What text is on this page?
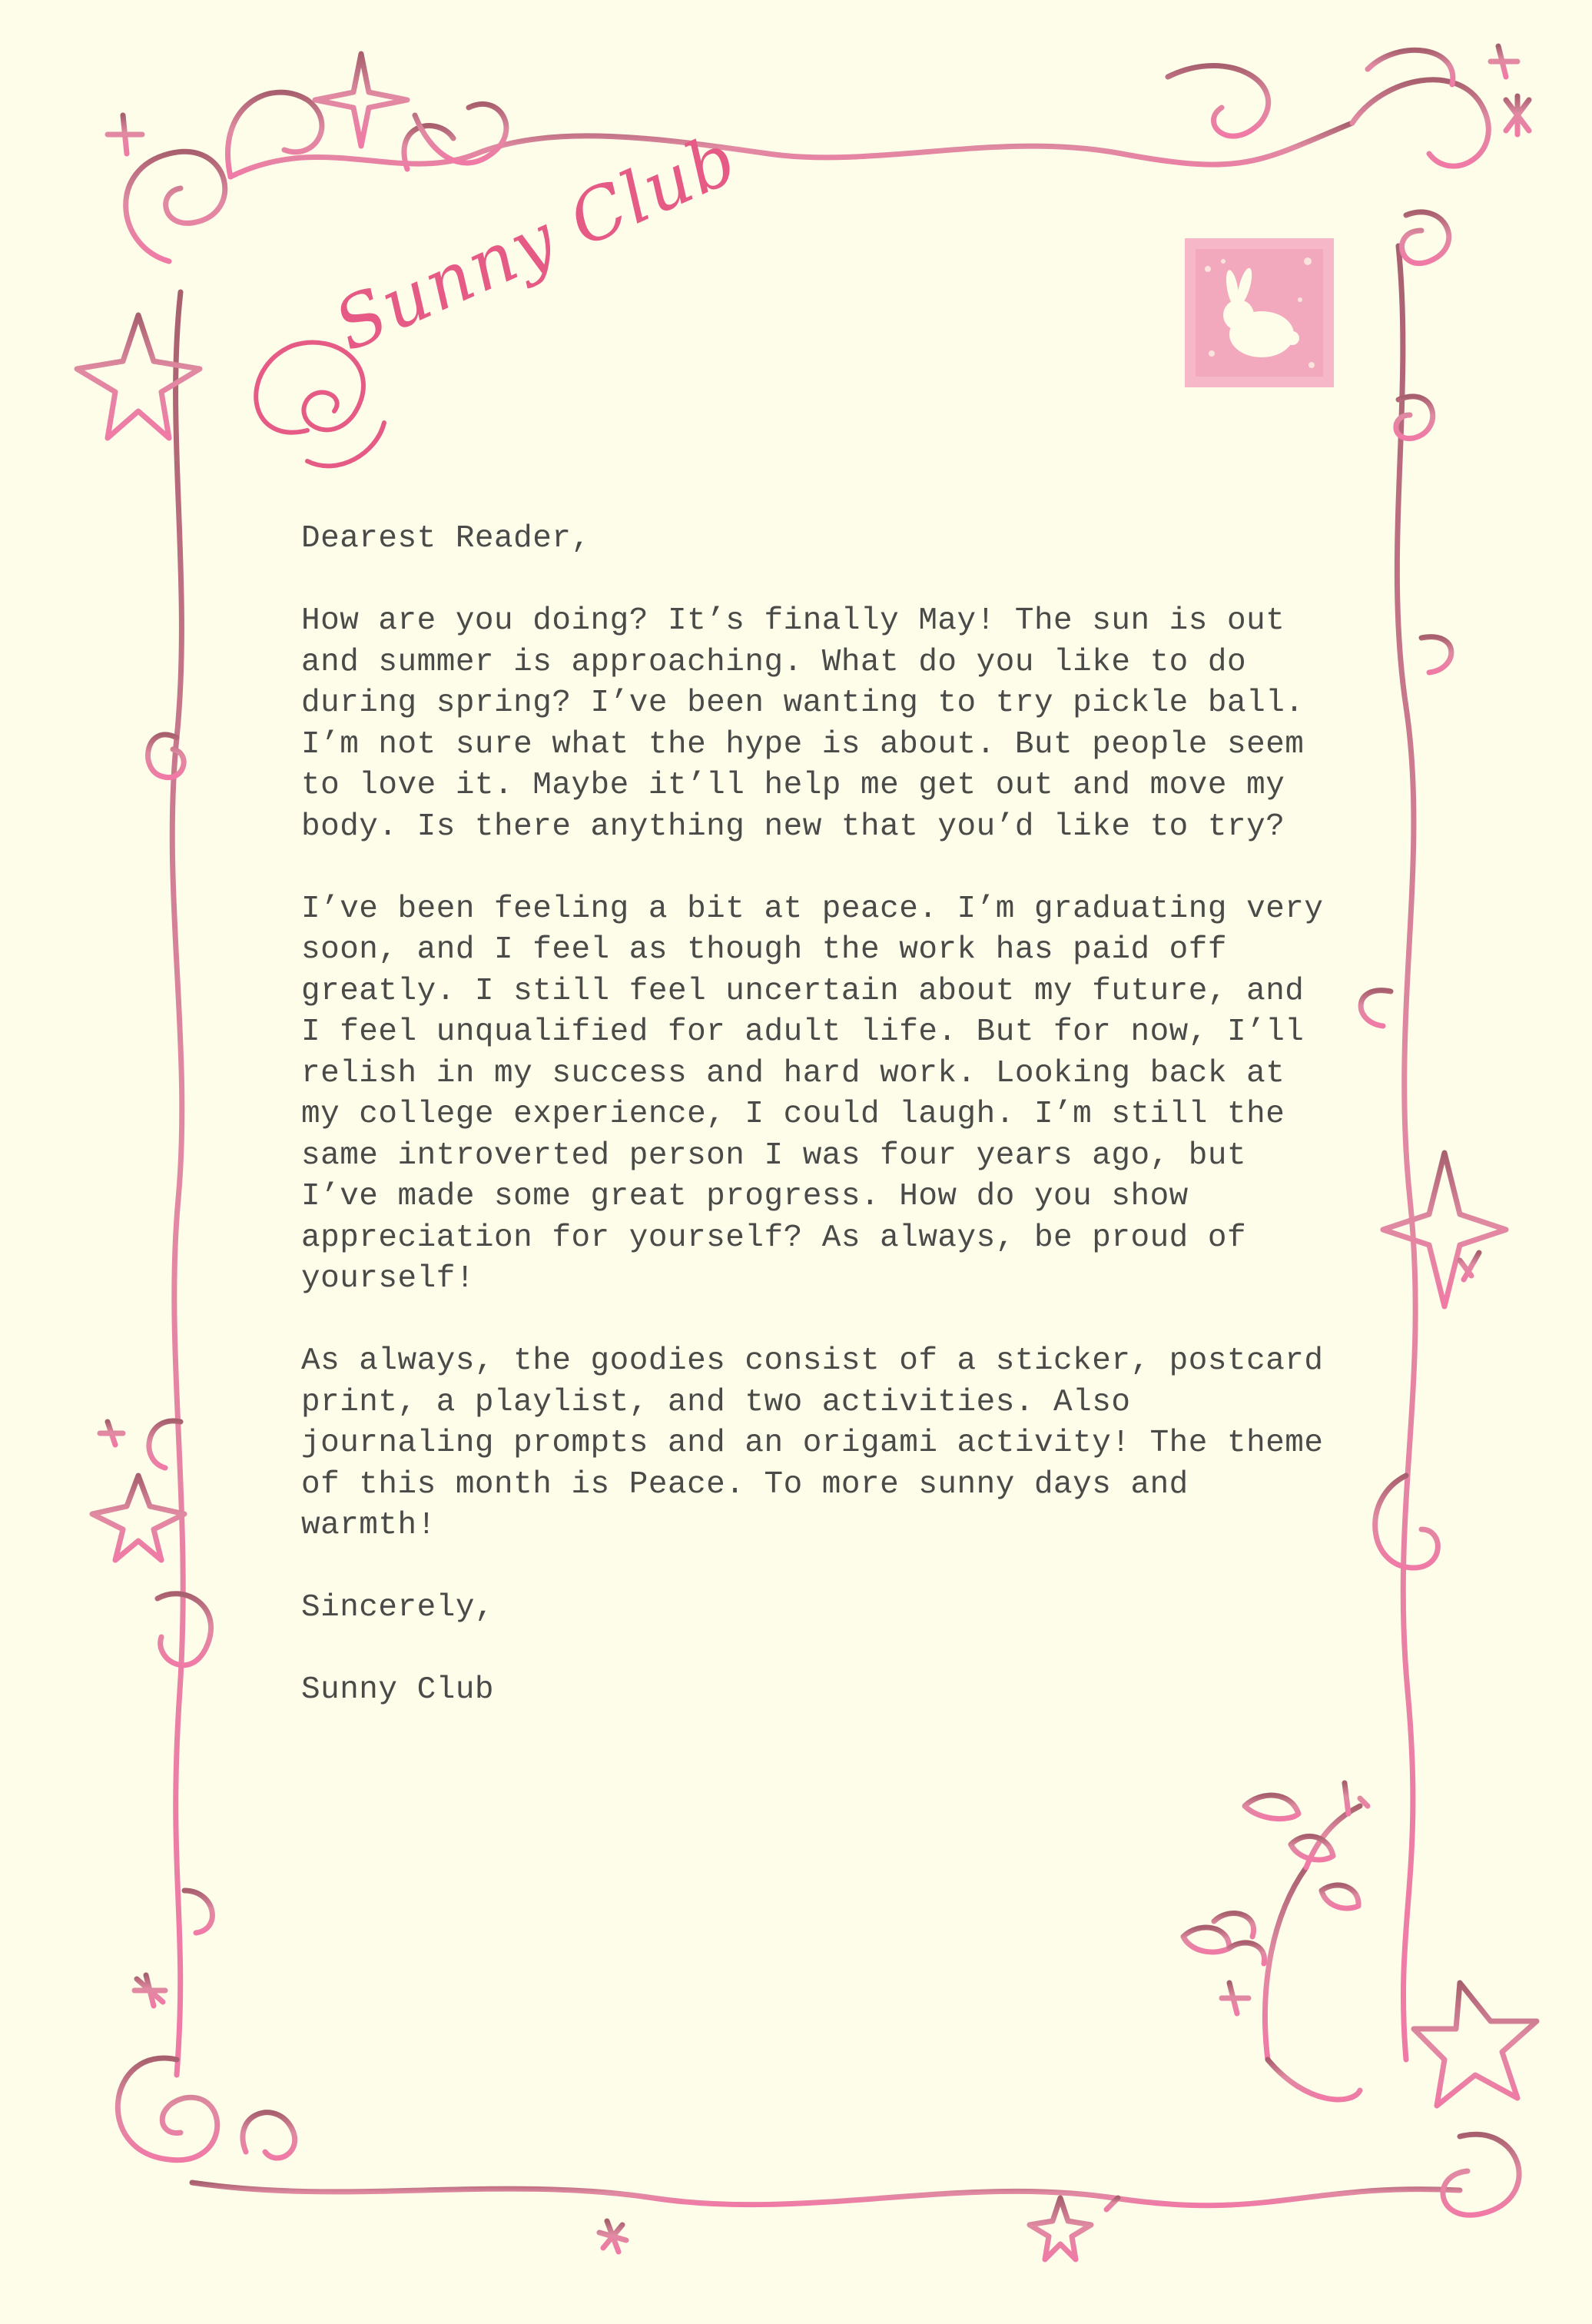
Sunny Club

Dearest Reader,

How are you doing? It’s finally May! The sun is out and summer is approaching. What do you like to do during spring? I’ve been wanting to try pickle ball. I’m not sure what the hype is about. But people seem to love it. Maybe it’ll help me get out and move my body. Is there anything new that you’d like to try?

I’ve been feeling a bit at peace. I’m graduating very soon, and I feel as though the work has paid off greatly. I still feel uncertain about my future, and I feel unqualified for adult life. But for now, I’ll relish in my success and hard work. Looking back at my college experience, I could laugh. I’m still the same introverted person I was four years ago, but I’ve made some great progress. How do you show appreciation for yourself? As always, be proud of yourself!

As always, the goodies consist of a sticker, postcard print, a playlist, and two activities. Also journaling prompts and an origami activity! The theme of this month is Peace. To more sunny days and warmth!

Sincerely,

Sunny Club
